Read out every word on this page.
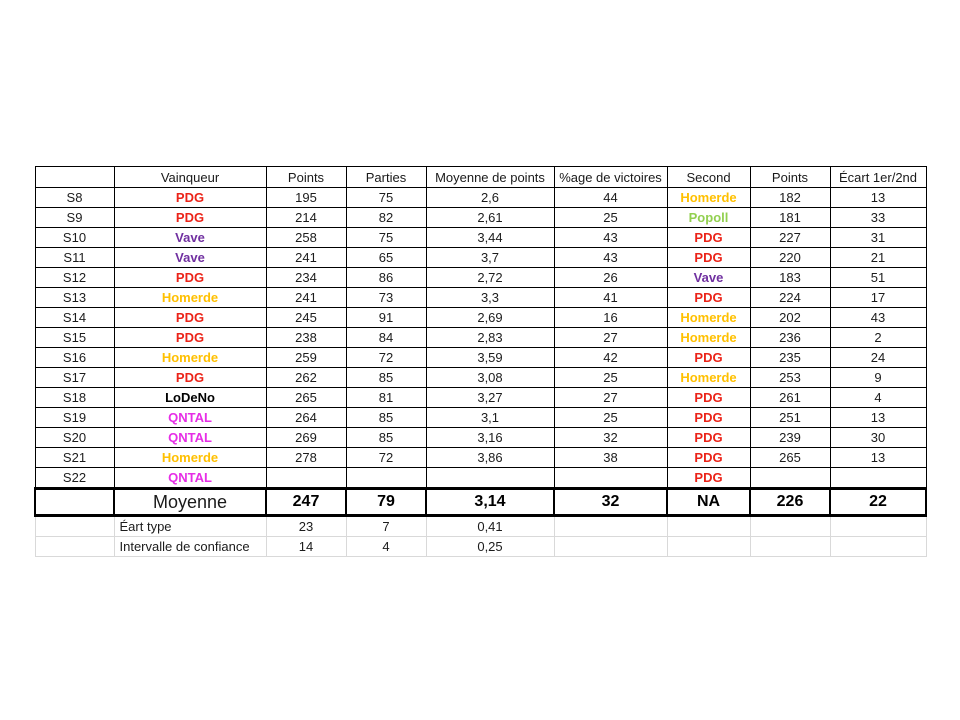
	Vainqueur	Points	Parties	Moyenne de points	%age de victoires	Second	Points	Écart 1er/2nd
S8	PDG	195	75	2,6	44	Homerde	182	13
S9	PDG	214	82	2,61	25	Popoll	181	33
S10	Vave	258	75	3,44	43	PDG	227	31
S11	Vave	241	65	3,7	43	PDG	220	21
S12	PDG	234	86	2,72	26	Vave	183	51
S13	Homerde	241	73	3,3	41	PDG	224	17
S14	PDG	245	91	2,69	16	Homerde	202	43
S15	PDG	238	84	2,83	27	Homerde	236	2
S16	Homerde	259	72	3,59	42	PDG	235	24
S17	PDG	262	85	3,08	25	Homerde	253	9
S18	LoDeNo	265	81	3,27	27	PDG	261	4
S19	QNTAL	264	85	3,1	25	PDG	251	13
S20	QNTAL	269	85	3,16	32	PDG	239	30
S21	Homerde	278	72	3,86	38	PDG	265	13
S22	QNTAL					PDG		
	Moyenne	247	79	3,14	32	NA	226	22
	Éart type	23	7	0,41				
	Intervalle de confiance	14	4	0,25				
